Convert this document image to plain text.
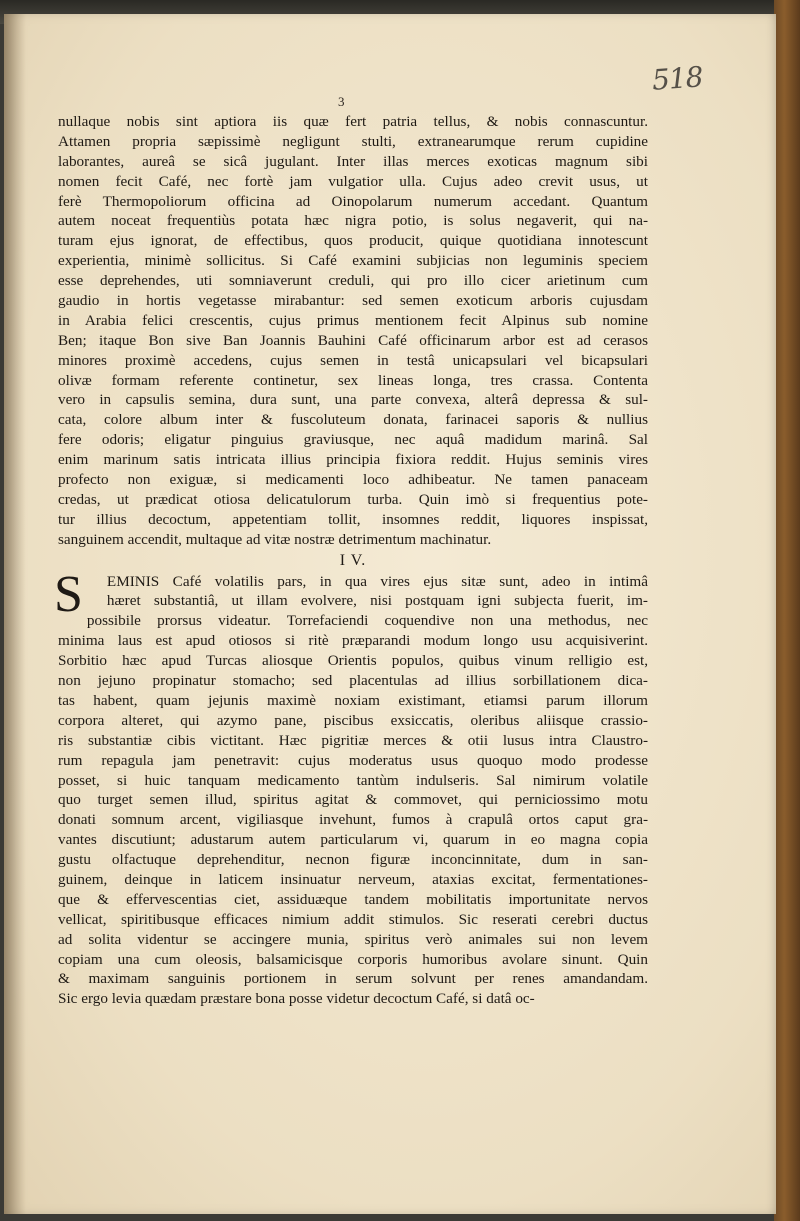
518
3
nullaque nobis sint aptiora iis quæ fert patria tellus, & nobis connascuntur.
Attamen propria sæpissimè negligunt stulti, extranearumque rerum cupidine
laborantes, aureâ se sicâ jugulant. Inter illas merces exoticas magnum sibi
nomen fecit Café, nec fortè jam vulgatior ulla. Cujus adeo crevit usus, ut
ferè Thermopoliorum officina ad Oinopolarum numerum accedant. Quantum
autem noceat frequentiùs potata hæc nigra potio, is solus negaverit, qui na-
turam ejus ignorat, de effectibus, quos producit, quique quotidiana innotescunt
experientia, minimè sollicitus. Si Café examini subjicias non leguminis speciem
esse deprehendes, uti somniaverunt creduli, qui pro illo cicer arietinum cum
gaudio in hortis vegetasse mirabantur: sed semen exoticum arboris cujusdam
in Arabia felici crescentis, cujus primus mentionem fecit Alpinus sub nomine
Ben; itaque Bon sive Ban Joannis Bauhini Café officinarum arbor est ad cerasos
minores proximè accedens, cujus semen in testâ unicapsulari vel bicapsulari
olivæ formam referente continetur, sex lineas longa, tres crassa. Contenta
vero in capsulis semina, dura sunt, una parte convexa, alterâ depressa & sul-
cata, colore album inter & fuscoluteum donata, farinacei saporis & nullius
fere odoris; eligatur pinguius graviusque, nec aquâ madidum marinâ. Sal
enim marinum satis intricata illius principia fixiora reddit. Hujus seminis vires
profecto non exiguæ, si medicamenti loco adhibeatur. Ne tamen panaceam
credas, ut prædicat otiosa delicatulorum turba. Quin imò si frequentius pote-
tur illius decoctum, appetentiam tollit, insomnes reddit, liquores inspissat,
sanguinem accendit, multaque ad vitæ nostræ detrimentum machinatur.
I V.
S	EMINIS Café volatilis pars, in qua vires ejus sitæ sunt, adeo in intimâ
hæret substantiâ, ut illam evolvere, nisi postquam igni subjecta fuerit, im-
possibile prorsus videatur. Torrefaciendi coquendive non una methodus, nec
minima laus est apud otiosos si ritè præparandi modum longo usu acquisiverint.
Sorbitio hæc apud Turcas aliosque Orientis populos, quibus vinum relligio est,
non jejuno propinatur stomacho; sed placentulas ad illius sorbillationem dica-
tas habent, quam jejunis maximè noxiam existimant, etiamsi parum illorum
corpora alteret, qui azymo pane, piscibus exsiccatis, oleribus aliisque crassio-
ris substantiæ cibis victitant. Hæc pigritiæ merces & otii lusus intra Claustro-
rum repagula jam penetravit: cujus moderatus usus quoquo modo prodesse
posset, si huic tanquam medicamento tantùm indulseris. Sal nimirum volatile
quo turget semen illud, spiritus agitat & commovet, qui perniciossimo motu
donati somnum arcent, vigiliasque invehunt, fumos à crapulâ ortos caput gra-
vantes discutiunt; adustarum autem particularum vi, quarum in eo magna copia
gustu olfactuque deprehenditur, necnon figuræ inconcinnitate, dum in san-
guinem, deinque in laticem insinuatur nerveum, ataxias excitat, fermentationes-
que & effervescentias ciet, assiduæque tandem mobilitatis importunitate nervos
vellicat, spiritibusque efficaces nimium addit stimulos. Sic reserati cerebri ductus
ad solita videntur se accingere munia, spiritus verò animales sui non levem
copiam una cum oleosis, balsamicisque corporis humoribus avolare sinunt. Quin
& maximam sanguinis portionem in serum solvunt per renes amandandam.
Sic ergo levia quædam præstare bona posse videtur decoctum Café, si datâ oc-
